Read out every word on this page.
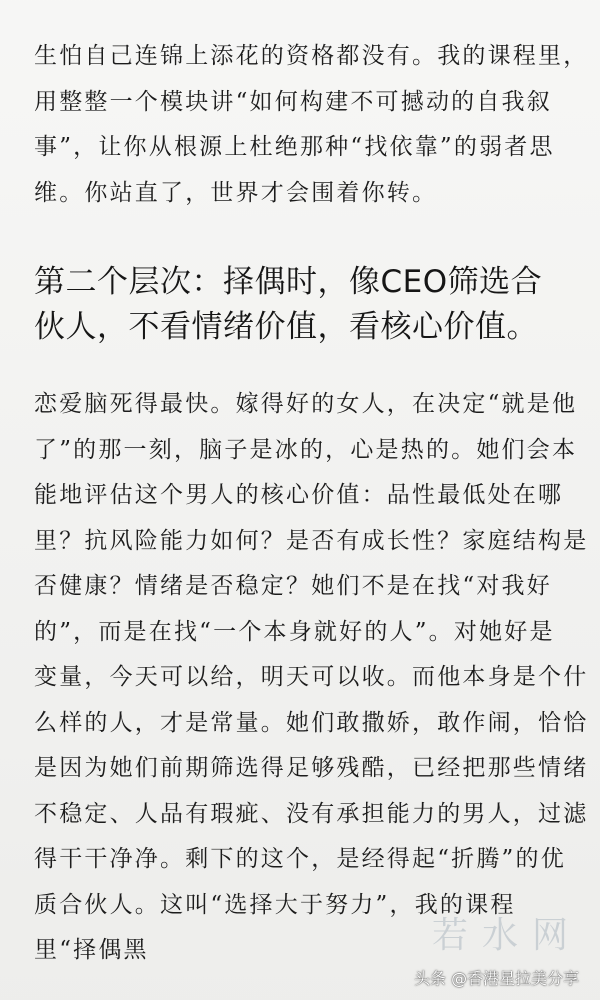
生怕自己连锦上添花的资格都没有。我的课程里，
用整整一个模块讲“如何构建不可撼动的自我叙
事”，让你从根源上杜绝那种“找依靠”的弱者思
维。你站直了，世界才会围着你转。

第二个层次：择偶时，像CEO筛选合
伙人，不看情绪价值，看核心价值。

恋爱脑死得最快。嫁得好的女人，在决定“就是他
了”的那一刻，脑子是冰的，心是热的。她们会本
能地评估这个男人的核心价值：品性最低处在哪
里？抗风险能力如何？是否有成长性？家庭结构是
否健康？情绪是否稳定？她们不是在找“对我好
的”，而是在找“一个本身就好的人”。对她好是
变量，今天可以给，明天可以收。而他本身是个什
么样的人，才是常量。她们敢撒娇，敢作闹，恰恰
是因为她们前期筛选得足够残酷，已经把那些情绪
不稳定、人品有瑕疵、没有承担能力的男人，过滤
得干干净净。剩下的这个，是经得起“折腾”的优
质合伙人。这叫“选择大于努力”，我的课程
里“择偶黑	若水网
头条 @香港星拉美分享
